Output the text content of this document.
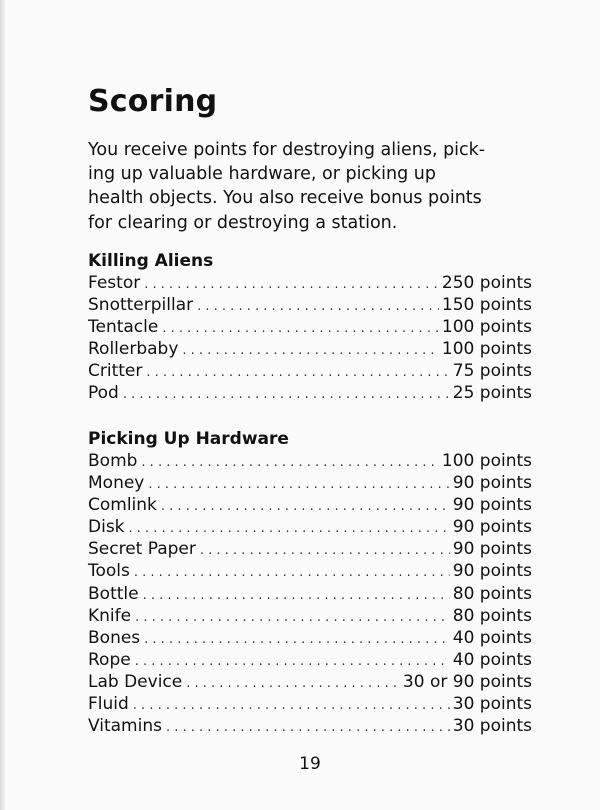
Scoring

You receive points for destroying aliens, pick-
ing up valuable hardware, or picking up
health objects. You also receive bonus points
for clearing or destroying a station.

Killing Aliens
Festor . . .	250 points
Snotterpillar . . .	150 points
Tentacle . . .	100 points
Rollerbaby . . .	100 points
Critter . . .	75 points
Pod . . .	25 points
Picking Up Hardware
Bomb . . .	100 points
Money . . .	90 points
Comlink . . .	90 points
Disk . . .	90 points
Secret Paper . . .	90 points
Tools . . .	90 points
Bottle . . .	80 points
Knife . . .	80 points
Bones . . .	40 points
Rope . . .	40 points
Lab Device . . .	30 or 90 points
Fluid . . .	30 points
Vitamins . . .	30 points
19
